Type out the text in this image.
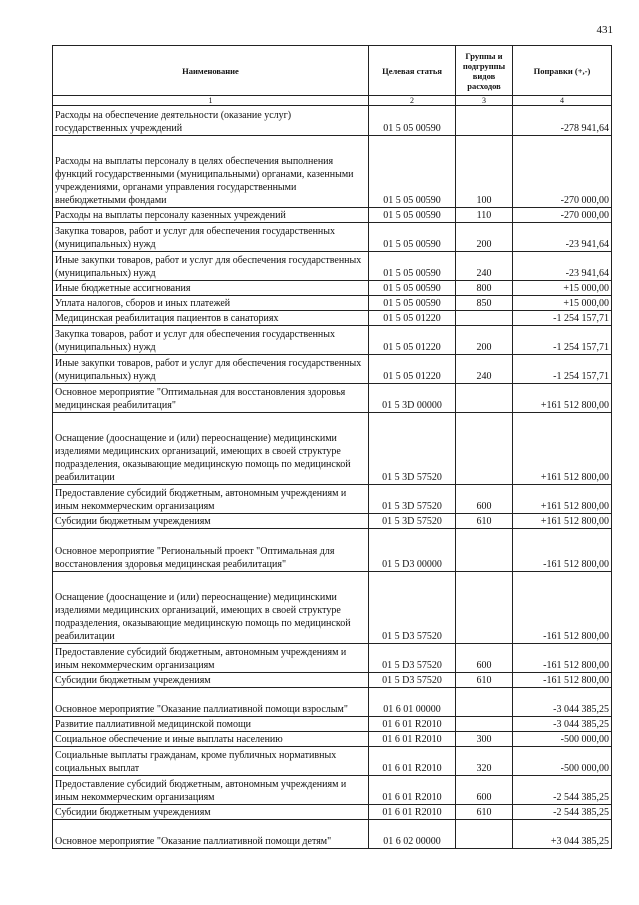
431
Наименование	Целевая статья	Группы и подгруппы видов расходов	Поправки (+,-)
1	2	3	4
Расходы на обеспечение деятельности (оказание услуг) государственных учреждений	01 5 05 00590		-278 941,64
Расходы на выплаты персоналу в целях обеспечения выполнения функций государственными (муниципальными) органами, казенными учреждениями, органами управления государственными внебюджетными фондами	01 5 05 00590	100	-270 000,00
Расходы на выплаты персоналу казенных учреждений	01 5 05 00590	110	-270 000,00
Закупка товаров, работ и услуг для обеспечения государственных (муниципальных) нужд	01 5 05 00590	200	-23 941,64
Иные закупки товаров, работ и услуг для обеспечения государственных (муниципальных) нужд	01 5 05 00590	240	-23 941,64
Иные бюджетные ассигнования	01 5 05 00590	800	+15 000,00
Уплата налогов, сборов и иных платежей	01 5 05 00590	850	+15 000,00
Медицинская реабилитация пациентов в санаториях	01 5 05 01220		-1 254 157,71
Закупка товаров, работ и услуг для обеспечения государственных (муниципальных) нужд	01 5 05 01220	200	-1 254 157,71
Иные закупки товаров, работ и услуг для обеспечения государственных (муниципальных) нужд	01 5 05 01220	240	-1 254 157,71
Основное мероприятие "Оптимальная для восстановления здоровья медицинская реабилитация"	01 5 3D 00000		+161 512 800,00
Оснащение (дооснащение и (или) переоснащение) медицинскими изделиями медицинских организаций, имеющих в своей структуре подразделения, оказывающие медицинскую помощь по медицинской реабилитации	01 5 3D 57520		+161 512 800,00
Предоставление субсидий бюджетным, автономным учреждениям и иным некоммерческим организациям	01 5 3D 57520	600	+161 512 800,00
Субсидии бюджетным учреждениям	01 5 3D 57520	610	+161 512 800,00
Основное мероприятие "Региональный проект "Оптимальная для восстановления здоровья медицинская реабилитация"	01 5 D3 00000		-161 512 800,00
Оснащение (дооснащение и (или) переоснащение) медицинскими изделиями медицинских организаций, имеющих в своей структуре подразделения, оказывающие медицинскую помощь по медицинской реабилитации	01 5 D3 57520		-161 512 800,00
Предоставление субсидий бюджетным, автономным учреждениям и иным некоммерческим организациям	01 5 D3 57520	600	-161 512 800,00
Субсидии бюджетным учреждениям	01 5 D3 57520	610	-161 512 800,00
Основное мероприятие "Оказание паллиативной помощи взрослым"	01 6 01 00000		-3 044 385,25
Развитие паллиативной медицинской помощи	01 6 01 R2010		-3 044 385,25
Социальное обеспечение и иные выплаты населению	01 6 01 R2010	300	-500 000,00
Социальные выплаты гражданам, кроме публичных нормативных социальных выплат	01 6 01 R2010	320	-500 000,00
Предоставление субсидий бюджетным, автономным учреждениям и иным некоммерческим организациям	01 6 01 R2010	600	-2 544 385,25
Субсидии бюджетным учреждениям	01 6 01 R2010	610	-2 544 385,25
Основное мероприятие "Оказание паллиативной помощи детям"	01 6 02 00000		+3 044 385,25
